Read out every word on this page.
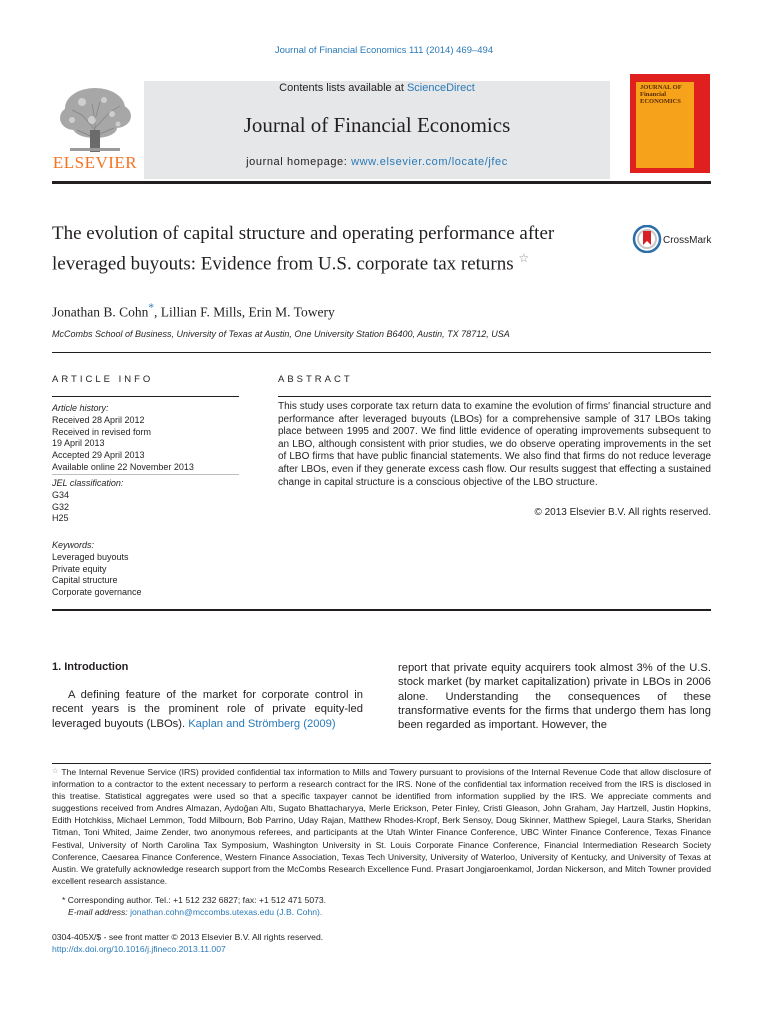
Journal of Financial Economics 111 (2014) 469–494
ELSEVIER
Contents lists available at ScienceDirect
Journal of Financial Economics
journal homepage: www.elsevier.com/locate/jfec
JOURNAL OF Financial ECONOMICS
The evolution of capital structure and operating performance after leveraged buyouts: Evidence from U.S. corporate tax returns ☆
CrossMark
Jonathan B. Cohn*, Lillian F. Mills, Erin M. Towery
McCombs School of Business, University of Texas at Austin, One University Station B6400, Austin, TX 78712, USA
ARTICLE INFO	ABSTRACT
Article history:
Received 28 April 2012
Received in revised form
19 April 2013
Accepted 29 April 2013
Available online 22 November 2013
JEL classification:
G34
G32
H25
Keywords:
Leveraged buyouts
Private equity
Capital structure
Corporate governance
This study uses corporate tax return data to examine the evolution of firms' financial structure and performance after leveraged buyouts (LBOs) for a comprehensive sample of 317 LBOs taking place between 1995 and 2007. We find little evidence of operating improvements subsequent to an LBO, although consistent with prior studies, we do observe operating improvements in the set of LBO firms that have public financial statements. We also find that firms do not reduce leverage after LBOs, even if they generate excess cash flow. Our results suggest that effecting a sustained change in capital structure is a conscious objective of the LBO structure.
© 2013 Elsevier B.V. All rights reserved.
1. Introduction
A defining feature of the market for corporate control in recent years is the prominent role of private equity-led leveraged buyouts (LBOs). Kaplan and Strömberg (2009)
report that private equity acquirers took almost 3% of the U.S. stock market (by market capitalization) private in LBOs in 2006 alone. Understanding the consequences of these transformative events for the firms that undergo them has long been regarded as important. However, the
☆ The Internal Revenue Service (IRS) provided confidential tax information to Mills and Towery pursuant to provisions of the Internal Revenue Code that allow disclosure of information to a contractor to the extent necessary to perform a research contract for the IRS. None of the confidential tax information received from the IRS is disclosed in this treatise. Statistical aggregates were used so that a specific taxpayer cannot be identified from information supplied by the IRS. We appreciate comments and suggestions received from Andres Almazan, Aydoğan Altı, Sugato Bhattacharyya, Merle Erickson, Peter Finley, Cristi Gleason, John Graham, Jay Hartzell, Justin Hopkins, Edith Hotchkiss, Michael Lemmon, Todd Milbourn, Bob Parrino, Uday Rajan, Matthew Rhodes-Kropf, Berk Sensoy, Doug Skinner, Matthew Spiegel, Laura Starks, Sheridan Titman, Toni Whited, Jaime Zender, two anonymous referees, and participants at the Utah Winter Finance Conference, UBC Winter Finance Conference, Texas Finance Festival, University of North Carolina Tax Symposium, Washington University in St. Louis Corporate Finance Conference, Financial Intermediation Research Society Conference, Caesarea Finance Conference, Western Finance Association, Texas Tech University, University of Waterloo, University of Kentucky, and University of Texas at Austin. We gratefully acknowledge research support from the McCombs Research Excellence Fund. Prasart Jongjaroenkamol, Jordan Nickerson, and Mitch Towner provided excellent research assistance.
* Corresponding author. Tel.: +1 512 232 6827; fax: +1 512 471 5073.
E-mail address: jonathan.cohn@mccombs.utexas.edu (J.B. Cohn).
0304-405X/$ - see front matter © 2013 Elsevier B.V. All rights reserved.
http://dx.doi.org/10.1016/j.jfineco.2013.11.007
